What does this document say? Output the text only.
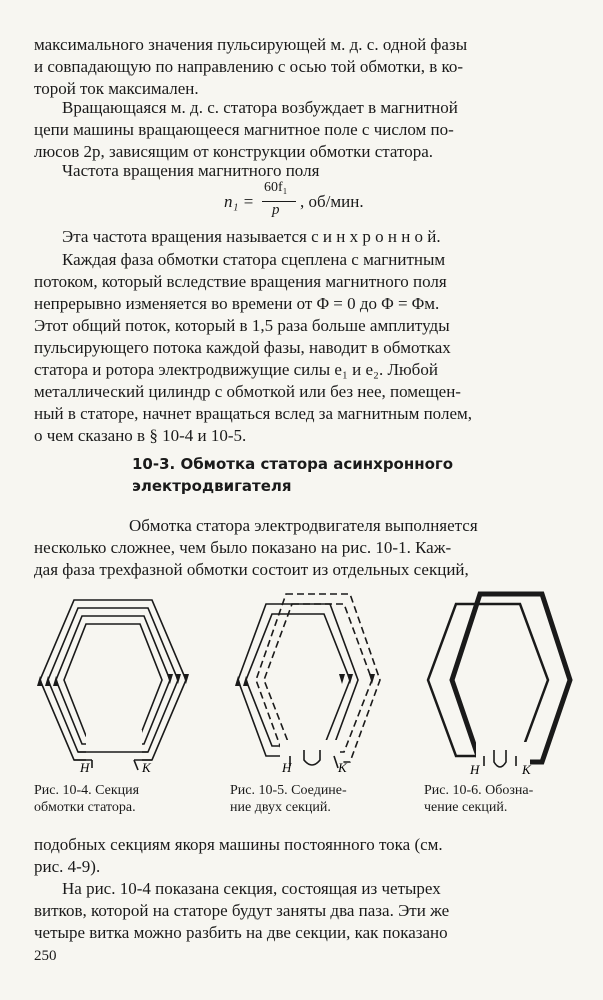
максимального значения пульсирующей м. д. с. одной фазы
и совпадающую по направлению с осью той обмотки, в ко-
торой ток максимален.

Вращающаяся м. д. с. статора возбуждает в магнитной
цепи машины вращающееся магнитное поле с числом по-
люсов 2p, зависящим от конструкции обмотки статора.

Частота вращения магнитного поля

n₁ =
60f₁
p , об/мин.

Эта частота вращения называется с и н х р о н н о й.

Каждая фаза обмотки статора сцеплена с магнитным
потоком, который вследствие вращения магнитного поля
непрерывно изменяется во времени от Φ = 0 до Φ = Φм.
Этот общий поток, который в 1,5 раза больше амплитуды
пульсирующего потока каждой фазы, наводит в обмотках
статора и ротора электродвижущие силы e₁ и e₂. Любой
металлический цилиндр с обмоткой или без нее, помещен-
ный в статоре, начнет вращаться вслед за магнитным полем,
о чем сказано в § 10-4 и 10-5.

10-3. Обмотка статора асинхронного
электродвигателя

Обмотка статора электродвигателя выполняется
несколько сложнее, чем было показано на рис. 10-1. Каж-
дая фаза трехфазной обмотки состоит из отдельных секций,

Н	К	Н	К	Н	К
Рис. 10-4. Секция
обмотки статора.
Рис. 10-5. Соедине-
ние двух секций.
Рис. 10-6. Обозна-
чение секций.

подобных секциям якоря машины постоянного тока (см.
рис. 4-9).

На рис. 10-4 показана секция, состоящая из четырех
витков, которой на статоре будут заняты два паза. Эти же
четыре витка можно разбить на две секции, как показано

250
